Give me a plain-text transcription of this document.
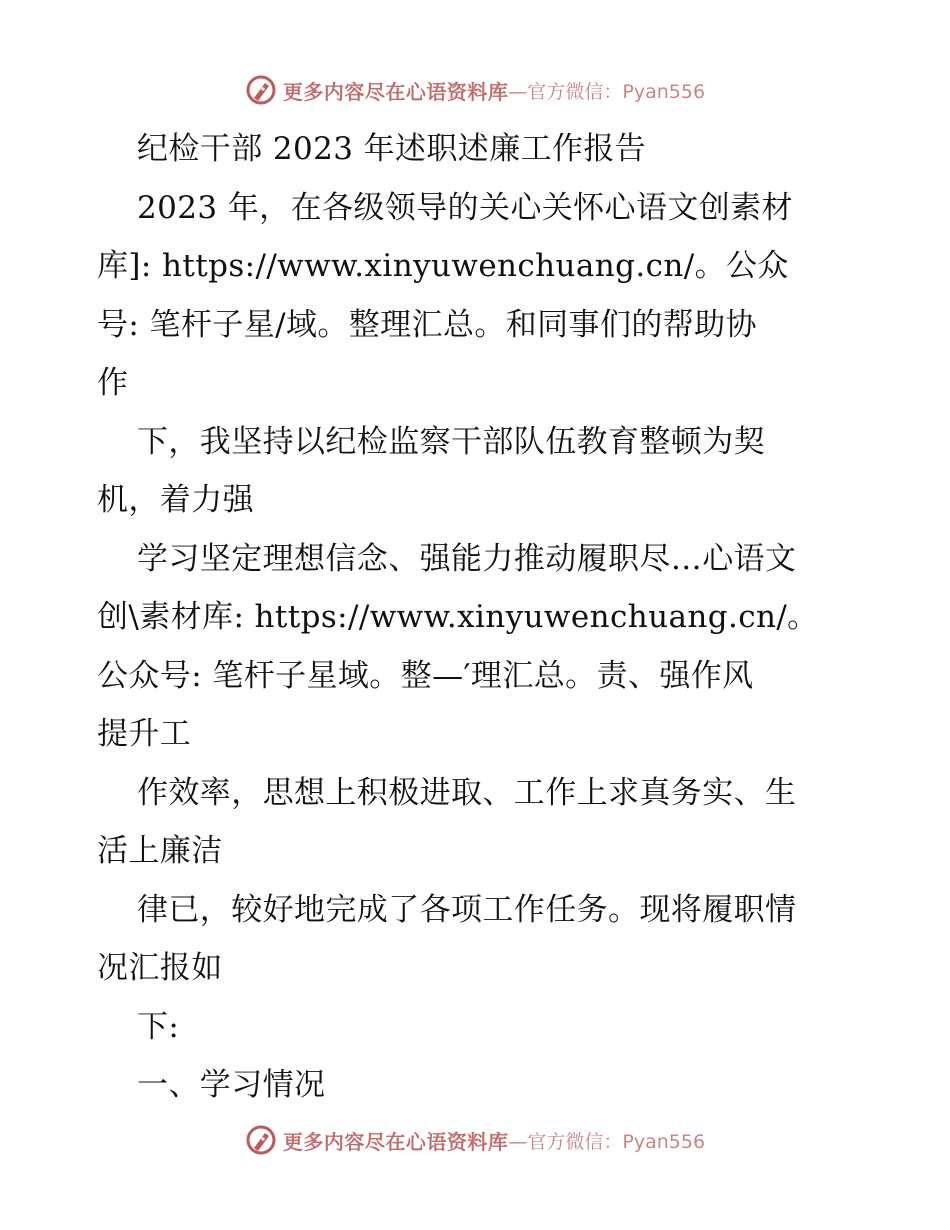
更多内容尽在心语资料库 —官方微信：Pyan556
纪检干部 2023 年述职述廉工作报告
2023 年，在各级领导的关心关怀心语文创素材
库]: https://www.xinyuwenchuang.cn/。公众
号: 笔杆子星/域。整理汇总。和同事们的帮助协
作
下，我坚持以纪检监察干部队伍教育整顿为契
机，着力强
学习坚定理想信念、强能力推动履职尽…心语文
创\素材库: https://www.xinyuwenchuang.cn/。
公众号: 笔杆子星域。整—′理汇总。责、强作风
提升工
作效率，思想上积极进取、工作上求真务实、生
活上廉洁
律已，较好地完成了各项工作任务。现将履职情
况汇报如
下:
一、学习情况
更多内容尽在心语资料库 —官方微信：Pyan556
